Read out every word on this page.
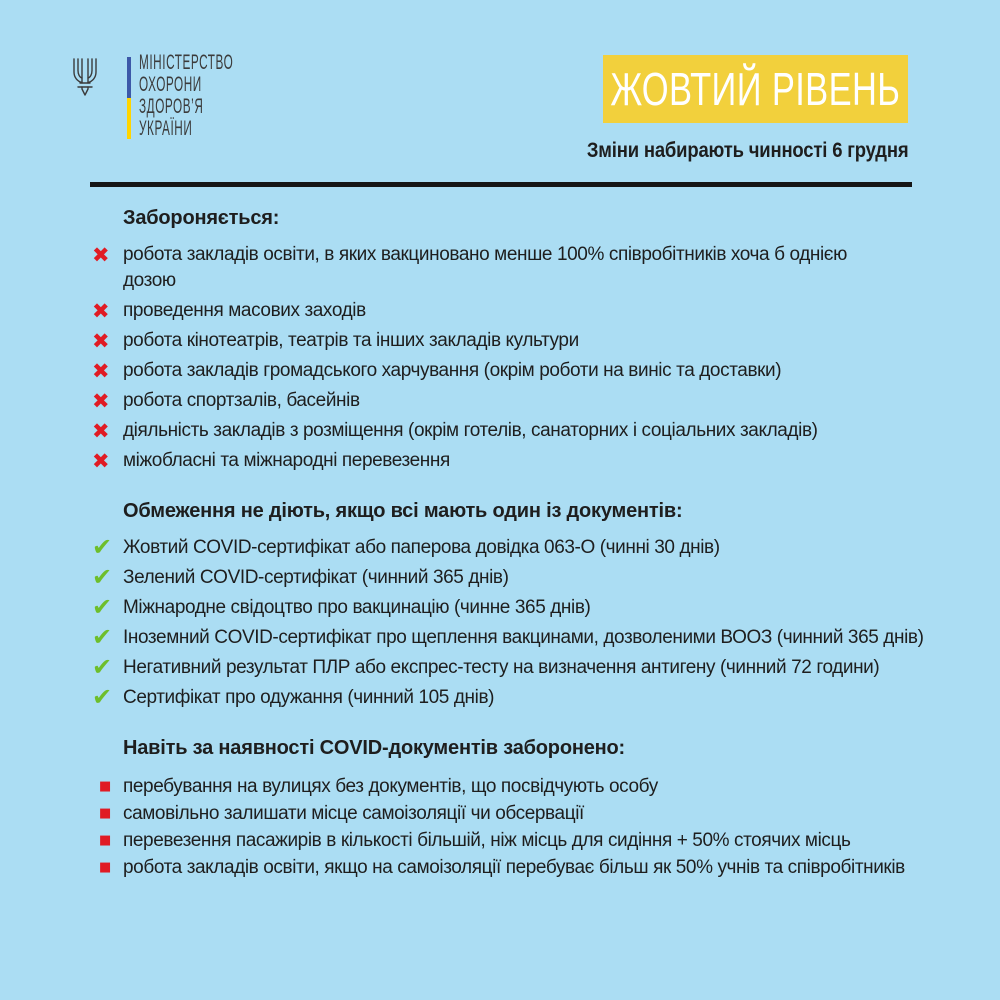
МІНІСТЕРСТВО
ОХОРОНИ
ЗДОРОВ’Я
УКРАЇНИ
ЖОВТИЙ РІВЕНЬ
Зміни набирають чинності 6 грудня
Забороняється:
✖ робота закладів освіти, в яких вакциновано менше 100% співробітників хоча б однією дозою
✖ проведення масових заходів
✖ робота кінотеатрів, театрів та інших закладів культури
✖ робота закладів громадського харчування (окрім роботи на виніс та доставки)
✖ робота спортзалів, басейнів
✖ діяльність закладів з розміщення (окрім готелів, санаторних і соціальних закладів)
✖ міжобласні та міжнародні перевезення
Обмеження не діють, якщо всі мають один із документів:
✔ Жовтий COVID-сертифікат або паперова довідка 063-О (чинні 30 днів)
✔ Зелений COVID-сертифікат (чинний 365 днів)
✔ Міжнародне свідоцтво про вакцинацію (чинне 365 днів)
✔ Іноземний COVID-сертифікат про щеплення вакцинами, дозволеними ВООЗ (чинний 365 днів)
✔ Негативний результат ПЛР або експрес-тесту на визначення антигену (чинний 72 години)
✔ Сертифікат про одужання (чинний 105 днів)
Навіть за наявності COVID-документів заборонено:
■ перебування на вулицях без документів, що посвідчують особу
■ самовільно залишати місце самоізоляції чи обсервації
■ перевезення пасажирів в кількості більшій, ніж місць для сидіння + 50% стоячих місць
■ робота закладів освіти, якщо на самоізоляції перебуває більш як 50% учнів та співробітників
